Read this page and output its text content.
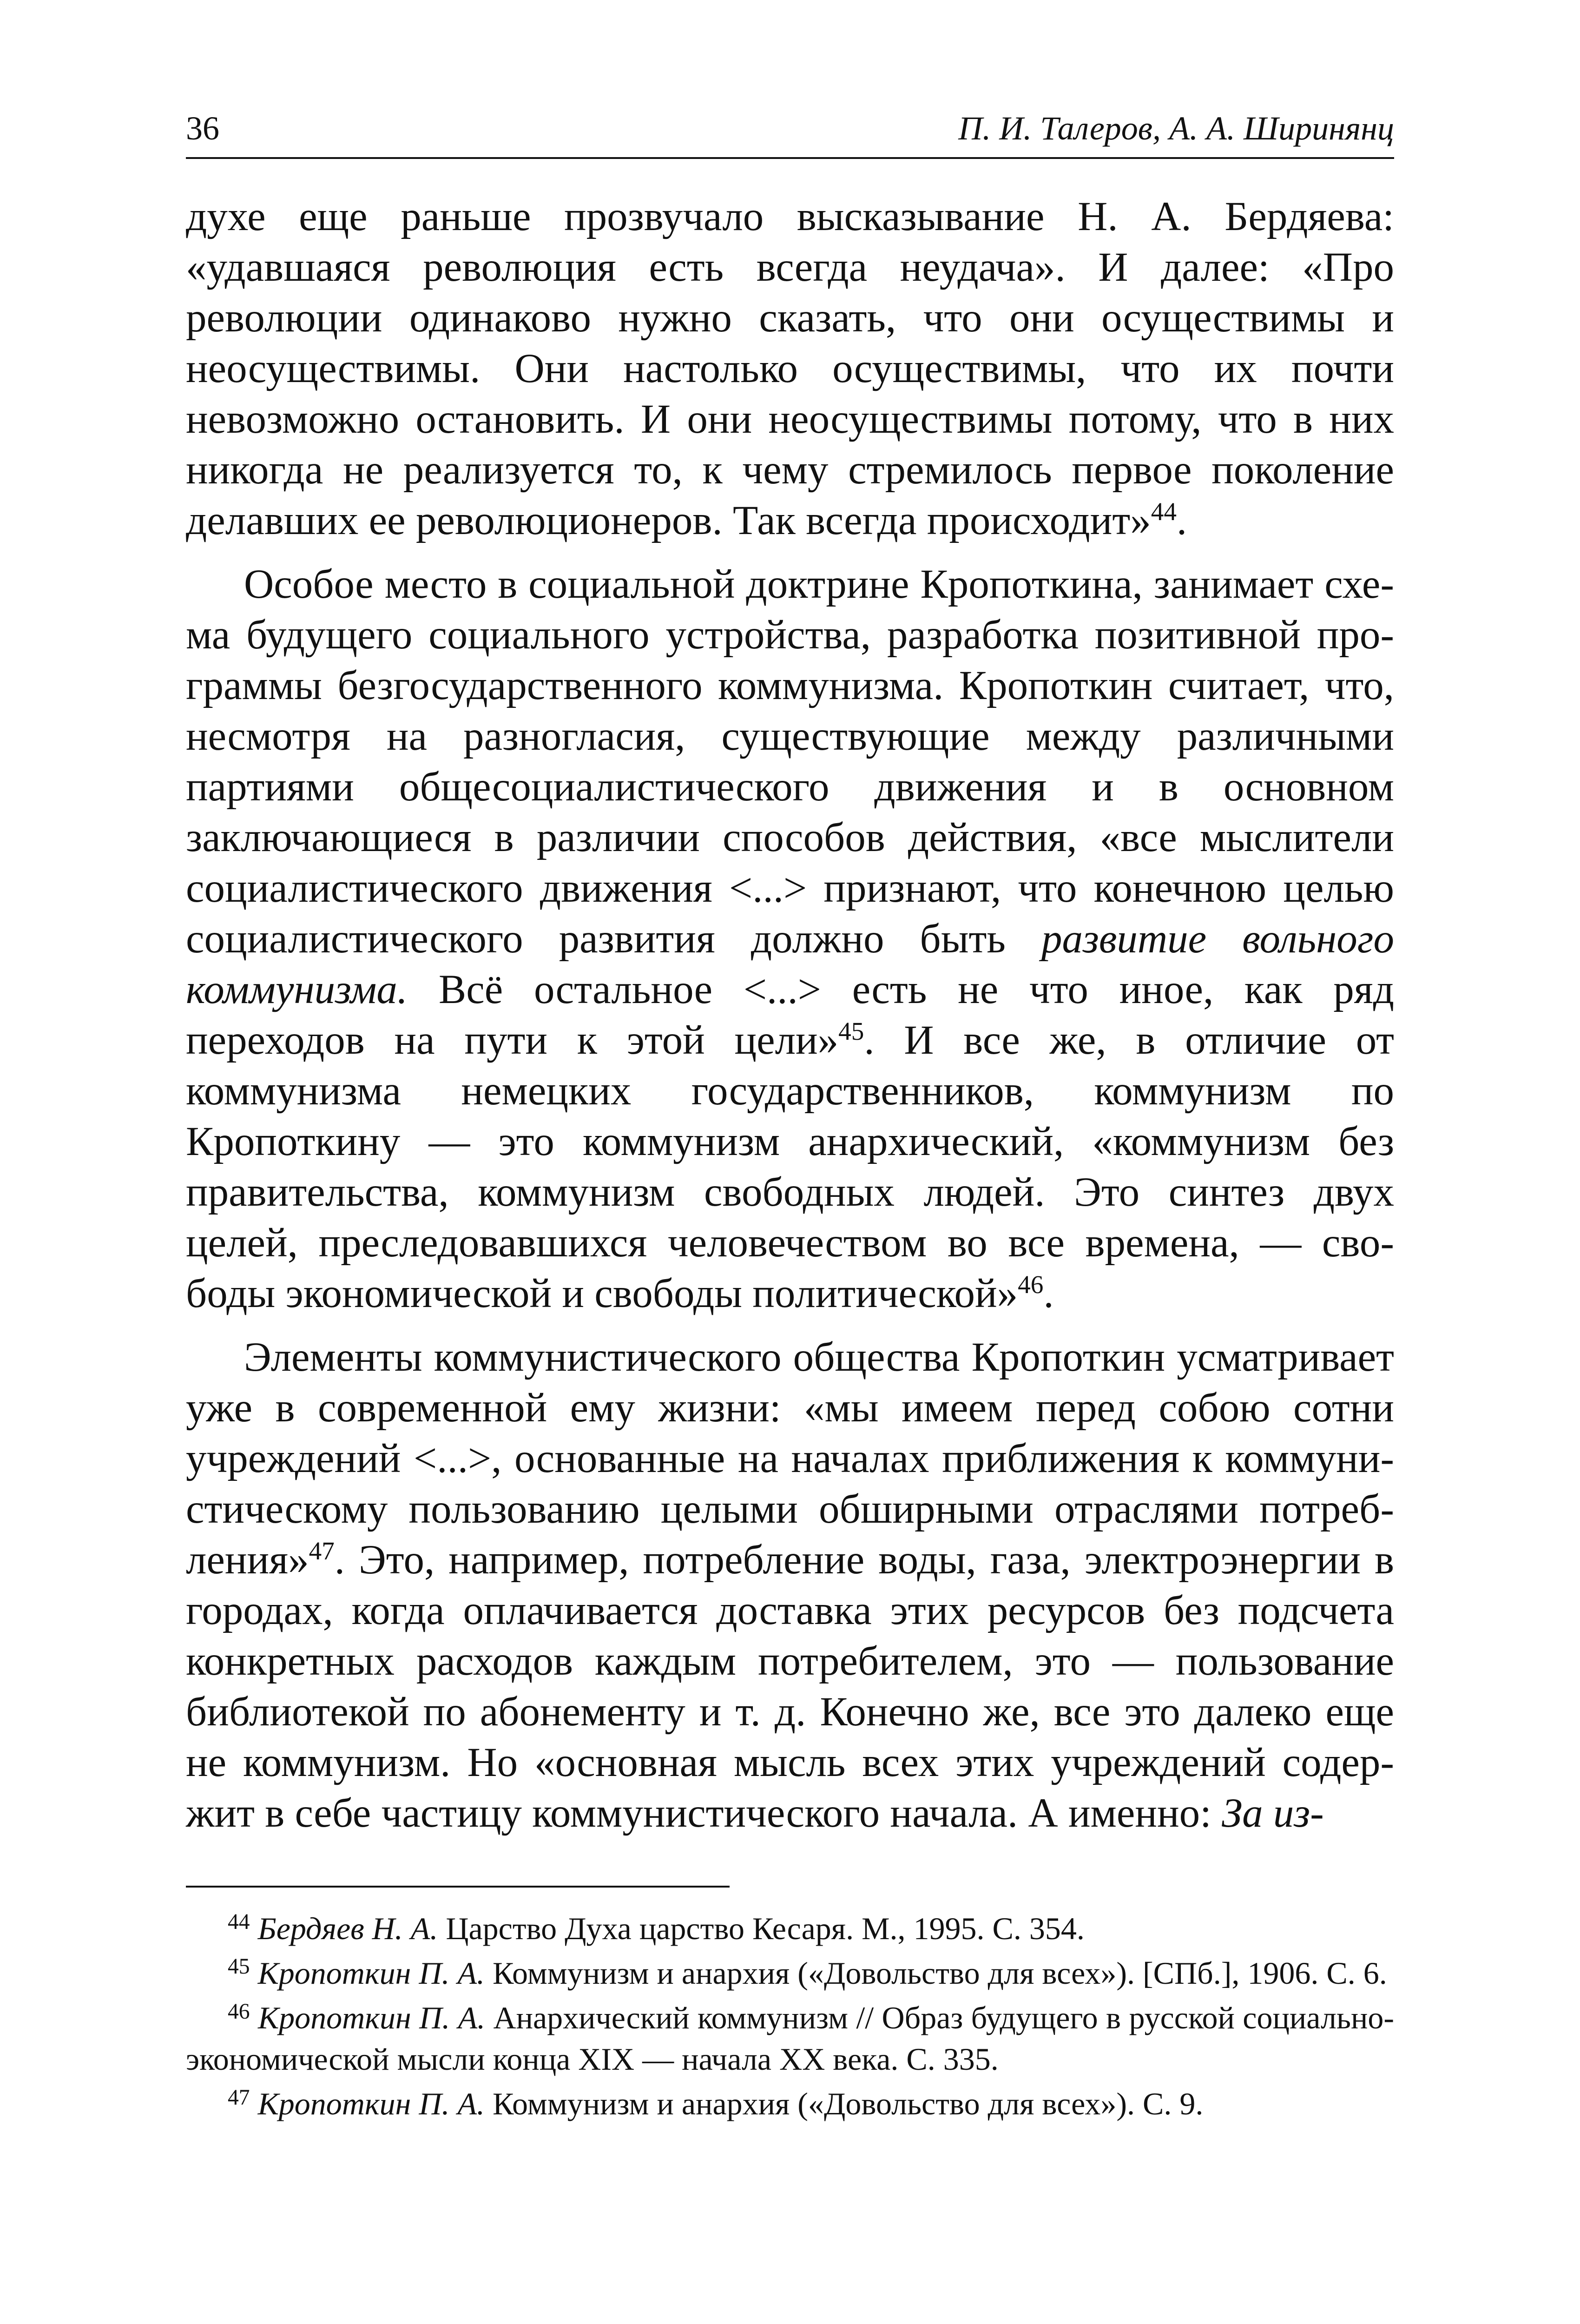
36	П. И. Талеров, А. А. Ширинянц

духе еще раньше прозвучало высказывание Н. А. Бердяева: «удавшаяся революция есть всегда неудача». И далее: «Про революции одинаково нужно сказать, что они осуществимы и неосуществимы. Они настолько осуществимы, что их почти невозможно остановить. И они неосуществимы потому, что в них никогда не реализуется то, к чему стремилось первое поколение делавших ее революционеров. Так всегда происходит»$^{44}$.

Особое место в социальной доктрине Кропоткина, занимает схема будущего социального устройства, разработка позитивной программы безгосударственного коммунизма. Кропоткин считает, что, несмотря на разногласия, существующие между различными партиями общесоциалистического движения и в основном заключающиеся в различии способов действия, «все мыслители социалистического движения <...> признают, что конечною целью социалистического развития должно быть развитие вольного коммунизма. Всё остальное <...> есть не что иное, как ряд переходов на пути к этой цели»$^{45}$. И все же, в отличие от коммунизма немецких государственников, коммунизм по Кропоткину — это коммунизм анархический, «коммунизм без правительства, коммунизм свободных людей. Это синтез двух целей, преследовавшихся человечеством во все времена, — свободы экономической и свободы политической»$^{46}$.

Элементы коммунистического общества Кропоткин усматривает уже в современной ему жизни: «мы имеем перед собою сотни учреждений <...>, основанные на началах приближения к коммунистическому пользованию целыми обширными отраслями потребления»$^{47}$. Это, например, потребление воды, газа, электроэнергии в городах, когда оплачивается доставка этих ресурсов без подсчета конкретных расходов каждым потребителем, это — пользование библиотекой по абонементу и т. д. Конечно же, все это далеко еще не коммунизм. Но «основная мысль всех этих учреждений содержит в себе частицу коммунистического начала. А именно: За из-

$^{44}$ Бердяев Н. А. Царство Духа царство Кесаря. М., 1995. С. 354.

$^{45}$ Кропоткин П. А. Коммунизм и анархия («Довольство для всех»). [СПб.], 1906. С. 6.

$^{46}$ Кропоткин П. А. Анархический коммунизм // Образ будущего в русской социально-экономической мысли конца XIX — начала XX века. С. 335.

$^{47}$ Кропоткин П. А. Коммунизм и анархия («Довольство для всех»). С. 9.
